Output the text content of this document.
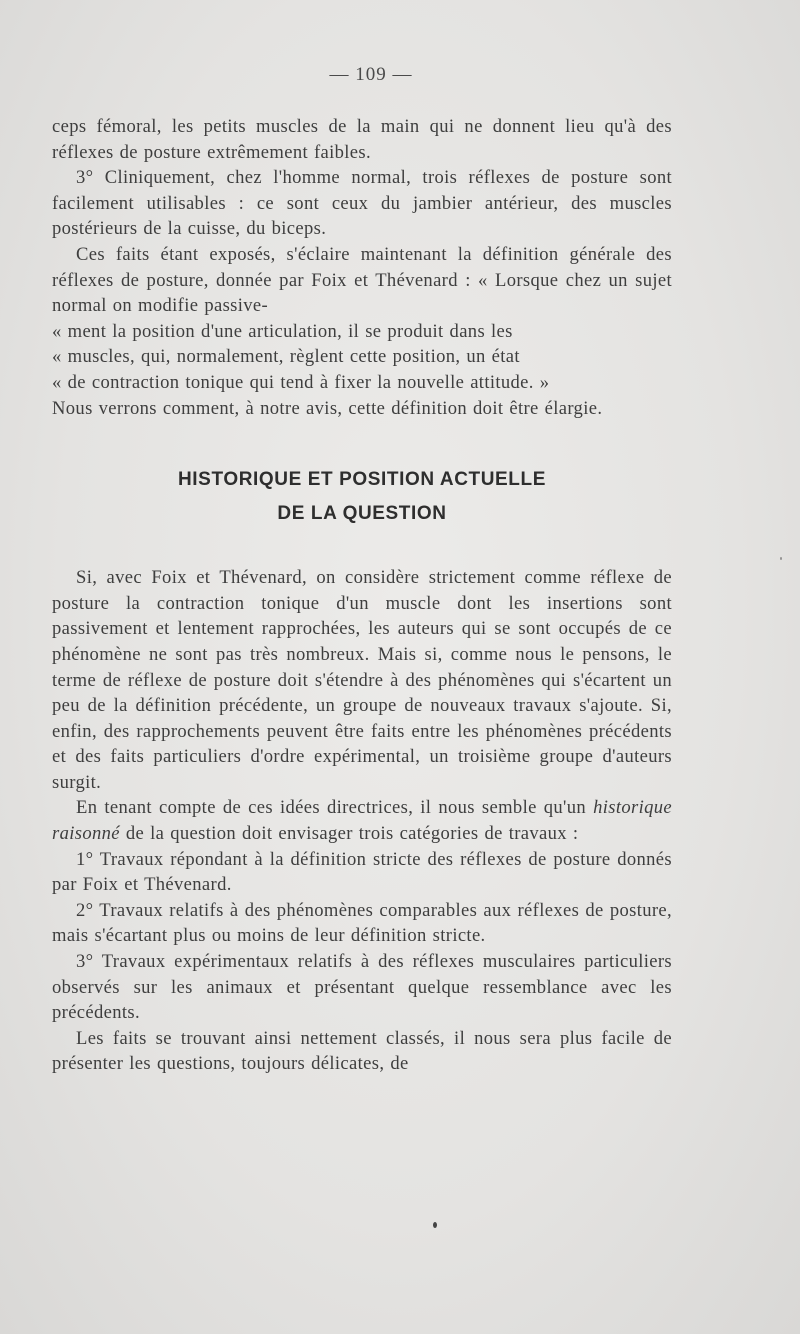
— 109 —

ceps fémoral, les petits muscles de la main qui ne donnent lieu qu'à des réflexes de posture extrêmement faibles.

3° Cliniquement, chez l'homme normal, trois réflexes de posture sont facilement utilisables : ce sont ceux du jambier antérieur, des muscles postérieurs de la cuisse, du biceps.

Ces faits étant exposés, s'éclaire maintenant la définition générale des réflexes de posture, donnée par Foix et Thévenard : « Lorsque chez un sujet normal on modifie passive-
« ment la position d'une articulation, il se produit dans les
« muscles, qui, normalement, règlent cette position, un état
« de contraction tonique qui tend à fixer la nouvelle attitude. »
Nous verrons comment, à notre avis, cette définition doit être élargie.

HISTORIQUE ET POSITION ACTUELLE

DE LA QUESTION

Si, avec Foix et Thévenard, on considère strictement comme réflexe de posture la contraction tonique d'un muscle dont les insertions sont passivement et lentement rapprochées, les auteurs qui se sont occupés de ce phénomène ne sont pas très nombreux. Mais si, comme nous le pensons, le terme de réflexe de posture doit s'étendre à des phénomènes qui s'écartent un peu de la définition précédente, un groupe de nouveaux travaux s'ajoute. Si, enfin, des rapprochements peuvent être faits entre les phénomènes précédents et des faits particuliers d'ordre expérimental, un troisième groupe d'auteurs surgit.

En tenant compte de ces idées directrices, il nous semble qu'un historique raisonné de la question doit envisager trois catégories de travaux :

1° Travaux répondant à la définition stricte des réflexes de posture donnés par Foix et Thévenard.

2° Travaux relatifs à des phénomènes comparables aux réflexes de posture, mais s'écartant plus ou moins de leur définition stricte.

3° Travaux expérimentaux relatifs à des réflexes musculaires particuliers observés sur les animaux et présentant quelque ressemblance avec les précédents.

Les faits se trouvant ainsi nettement classés, il nous sera plus facile de présenter les questions, toujours délicates, de
